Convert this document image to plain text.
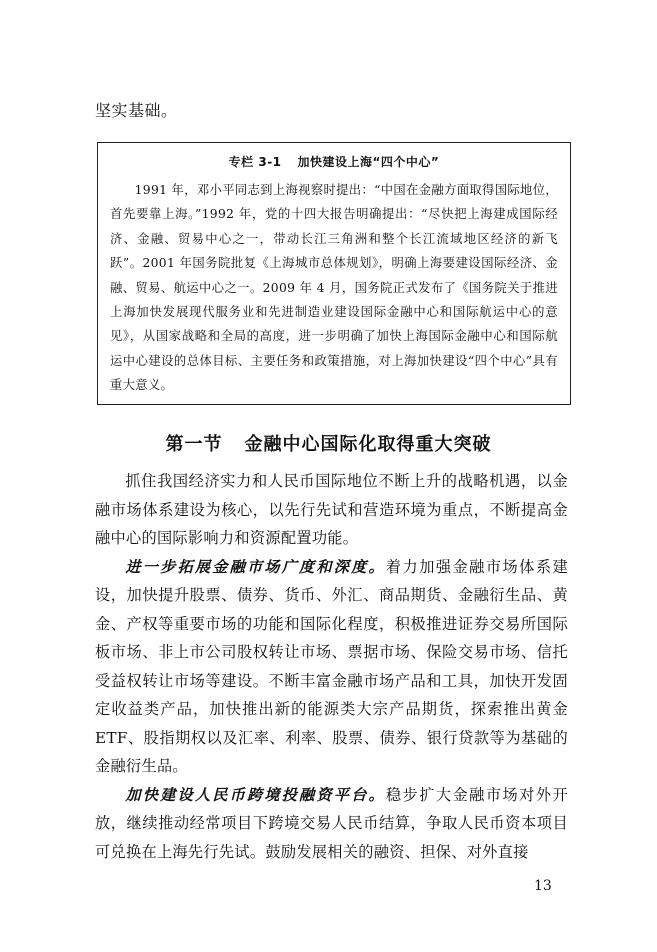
坚实基础。

专栏 3-1 加快建设上海“四个中心”

1991 年，邓小平同志到上海视察时提出：“中国在金融方面取得国际地位，首先要靠上海。”1992 年，党的十四大报告明确提出：“尽快把上海建成国际经济、金融、贸易中心之一，带动长江三角洲和整个长江流域地区经济的新飞跃”。2001 年国务院批复《上海城市总体规划》，明确上海要建设国际经济、金融、贸易、航运中心之一。2009 年 4 月，国务院正式发布了《国务院关于推进上海加快发展现代服务业和先进制造业建设国际金融中心和国际航运中心的意见》，从国家战略和全局的高度，进一步明确了加快上海国际金融中心和国际航运中心建设的总体目标、主要任务和政策措施，对上海加快建设“四个中心”具有重大意义。

第一节 金融中心国际化取得重大突破

抓住我国经济实力和人民币国际地位不断上升的战略机遇，以金融市场体系建设为核心，以先行先试和营造环境为重点，不断提高金融中心的国际影响力和资源配置功能。

进一步拓展金融市场广度和深度。着力加强金融市场体系建设，加快提升股票、债券、货币、外汇、商品期货、金融衍生品、黄金、产权等重要市场的功能和国际化程度，积极推进证券交易所国际板市场、非上市公司股权转让市场、票据市场、保险交易市场、信托受益权转让市场等建设。不断丰富金融市场产品和工具，加快开发固定收益类产品，加快推出新的能源类大宗产品期货，探索推出黄金 ETF、股指期权以及汇率、利率、股票、债券、银行贷款等为基础的金融衍生品。

加快建设人民币跨境投融资平台。稳步扩大金融市场对外开放，继续推动经常项目下跨境交易人民币结算，争取人民币资本项目可兑换在上海先行先试。鼓励发展相关的融资、担保、对外直接

13
